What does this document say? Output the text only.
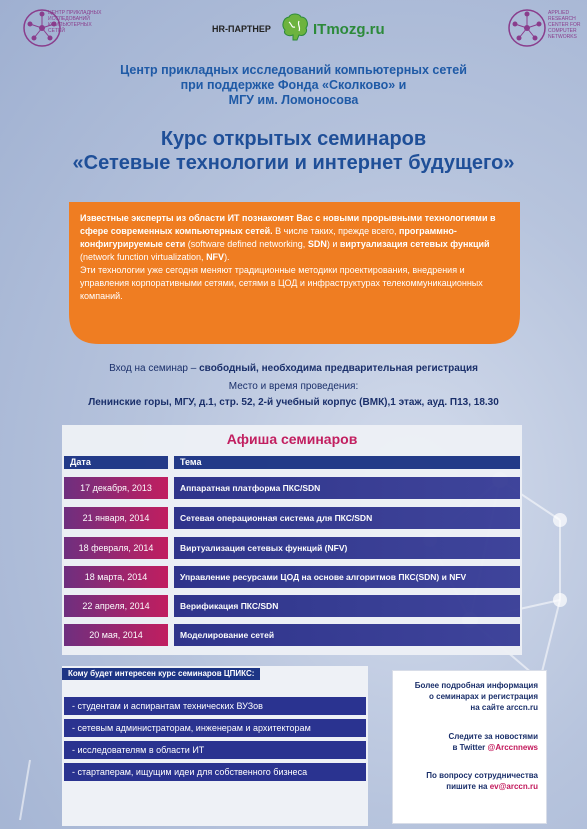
ЦЕНТР ПРИКЛАДНЫХ ИССЛЕДОВАНИЙ КОМПЬЮТЕРНЫХ СЕТЕЙ	HR-ПАРТНЕР	ITmozg.ru
APPLIED RESEARCH CENTER FOR COMPUTER NETWORKS
Центр прикладных исследований компьютерных сетей
при поддержке Фонда «Сколково» и
МГУ им. Ломоносова
Курс открытых семинаров
«Сетевые технологии и интернет будущего»
Известные эксперты из области ИТ познакомят Вас с новыми прорывными технологиями в сфере современных компьютерных сетей. В числе таких, прежде всего, программно-конфигурируемые сети (software defined networking, SDN) и виртуализация сетевых функций (network function virtualization, NFV).
Эти технологии уже сегодня меняют традиционные методики проектирования, внедрения и управления корпоративными сетями, сетями в ЦОД и инфраструктурах телекоммуникационных компаний.
Вход на семинар – свободный, необходима предварительная регистрация
Место и время проведения:
Ленинские горы, МГУ, д.1, стр. 52, 2-й учебный корпус (ВМК),1 этаж, ауд. П13, 18.30
Афиша семинаров
Дата	Тема
17 декабря, 2013	Аппаратная платформа ПКС/SDN
21 января, 2014	Сетевая операционная система для ПКС/SDN
18 февраля, 2014	Виртуализация сетевых функций (NFV)
18 марта, 2014	Управление ресурсами ЦОД на основе алгоритмов ПКС(SDN) и NFV
22 апреля, 2014	Верификация ПКС/SDN
20 мая, 2014	Моделирование сетей
Кому будет интересен курс семинаров ЦПИКС:
- студентам и аспирантам технических ВУЗов
- сетевым администраторам, инженерам и архитекторам
- исследователям в области ИТ
- стартаперам, ищущим идеи для собственного бизнеса
Более подробная информация
о семинарах и регистрация
на сайте arccn.ru
Следите за новостями
в Twitter @Arccnnews
По вопросу сотрудничества
пишите на ev@arccn.ru
